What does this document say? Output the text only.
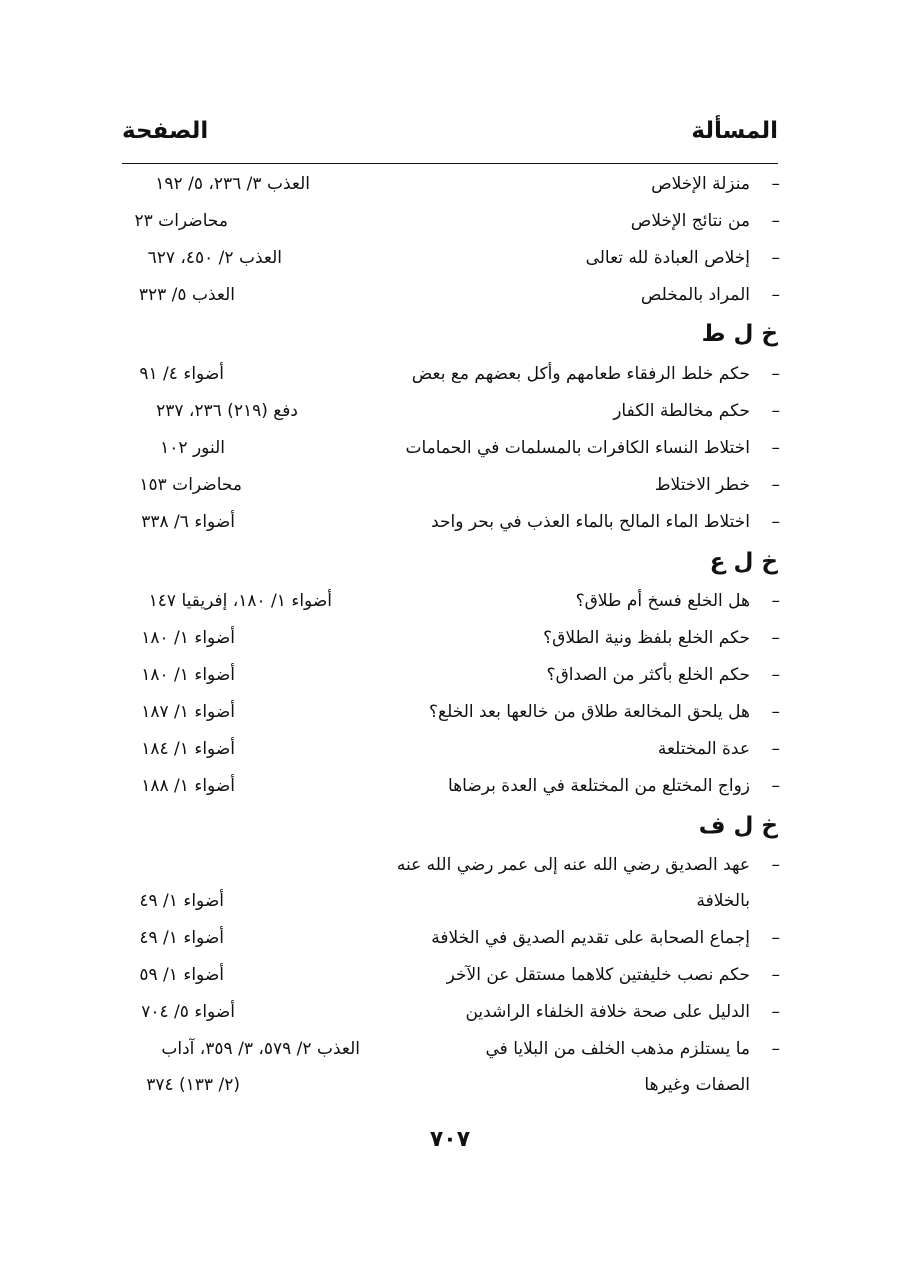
المسألة
الصفحة
–
منزلة الإخلاص
العذب ٣/ ٢٣٦، ٥/ ١٩٢
–
من نتائج الإخلاص
محاضرات ٢٣
–
إخلاص العبادة لله تعالى
العذب ٢/ ٤٥٠، ٦٢٧
–
المراد بالمخلص
العذب ٥/ ٣٢٣
خ ل ط
–
حكم خلط الرفقاء طعامهم وأكل بعضهم مع بعض
أضواء ٤/ ٩١
–
حكم مخالطة الكفار
دفع (٢١٩) ٢٣٦، ٢٣٧
–
اختلاط النساء الكافرات بالمسلمات في الحمامات
النور ١٠٢
–
خطر الاختلاط
محاضرات ١٥٣
–
اختلاط الماء المالح بالماء العذب في بحر واحد
أضواء ٦/ ٣٣٨
خ ل ع
–
هل الخلع فسخ أم طلاق؟
أضواء ١/ ١٨٠، إفريقيا ١٤٧
–
حكم الخلع بلفظ ونية الطلاق؟
أضواء ١/ ١٨٠
–
حكم الخلع بأكثر من الصداق؟
أضواء ١/ ١٨٠
–
هل يلحق المخالعة طلاق من خالعها بعد الخلع؟
أضواء ١/ ١٨٧
–
عدة المختلعة
أضواء ١/ ١٨٤
–
زواج المختلع من المختلعة في العدة برضاها
أضواء ١/ ١٨٨
خ ل ف
–
عهد الصديق رضي الله عنه إلى عمر رضي الله عنه
بالخلافة
أضواء ١/ ٤٩
–
إجماع الصحابة على تقديم الصديق في الخلافة
أضواء ١/ ٤٩
–
حكم نصب خليفتين كلاهما مستقل عن الآخر
أضواء ١/ ٥٩
–
الدليل على صحة خلافة الخلفاء الراشدين
أضواء ٥/ ٧٠٤
–
ما يستلزم مذهب الخلف من البلايا في
العذب ٢/ ٥٧٩، ٣/ ٣٥٩، آداب
الصفات وغيرها
(٢/ ١٣٣) ٣٧٤
٧٠٧
